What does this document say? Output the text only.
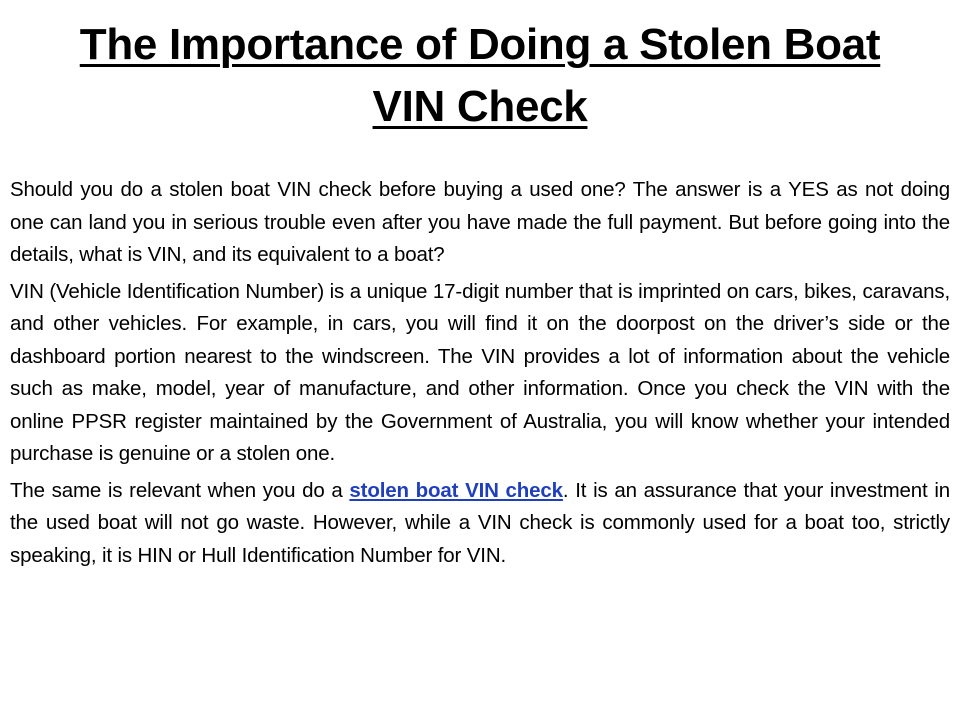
The Importance of Doing a Stolen Boat VIN Check

Should you do a stolen boat VIN check before buying a used one? The answer is a YES as not doing one can land you in serious trouble even after you have made the full payment. But before going into the details, what is VIN, and its equivalent to a boat?

VIN (Vehicle Identification Number) is a unique 17-digit number that is imprinted on cars, bikes, caravans, and other vehicles. For example, in cars, you will find it on the doorpost on the driver’s side or the dashboard portion nearest to the windscreen. The VIN provides a lot of information about the vehicle such as make, model, year of manufacture, and other information. Once you check the VIN with the online PPSR register maintained by the Government of Australia, you will know whether your intended purchase is genuine or a stolen one.

The same is relevant when you do a stolen boat VIN check. It is an assurance that your investment in the used boat will not go waste. However, while a VIN check is commonly used for a boat too, strictly speaking, it is HIN or Hull Identification Number for VIN.
